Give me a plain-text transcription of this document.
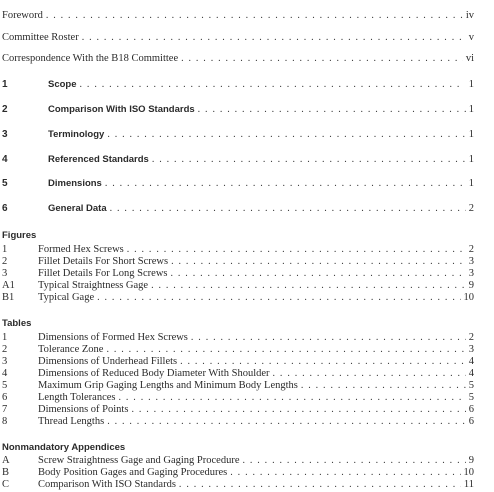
Foreword . . .	iv
Committee Roster . . .	v
Correspondence With the B18 Committee . . .	vi
1	Scope . . .	1
2	Comparison With ISO Standards . . .	1
3	Terminology . . .	1
4	Referenced Standards . . .	1
5	Dimensions . . .	1
6	General Data . . .	2
Figures
1	Formed Hex Screws . . .	2
2	Fillet Details For Short Screws . . .	3
3	Fillet Details For Long Screws . . .	3
A1 Typical Straightness Gage . . .	9
B1 Typical Gage . . .	10
Tables
1	Dimensions of Formed Hex Screws . . .	2
2	Tolerance Zone . . .	3
3	Dimensions of Underhead Fillets . . .	4
4	Dimensions of Reduced Body Diameter With Shoulder . . .	4
5	Maximum Grip Gaging Lengths and Minimum Body Lengths . . .	5
6	Length Tolerances . . .	5
7	Dimensions of Points . . .	6
8	Thread Lengths . . .	6
Nonmandatory Appendices
A	Screw Straightness Gage and Gaging Procedure . . .	9
B	Body Position Gages and Gaging Procedures . . .	10
C	Comparison With ISO Standards . . .	11
